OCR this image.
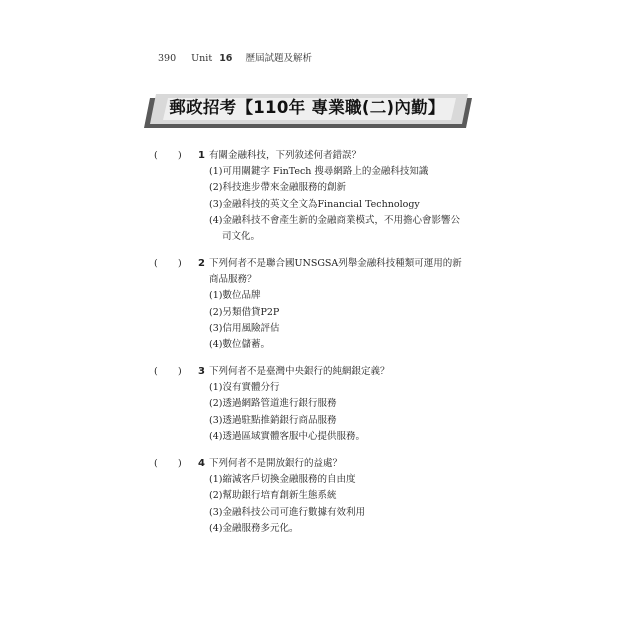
390 Unit 16 歷屆試題及解析
郵政招考【110年 專業職(二)內勤】
( ) 1 有關金融科技，下列敘述何者錯誤？
(1)可用關鍵字 FinTech 搜尋網路上的金融科技知識
(2)科技進步帶來金融服務的創新
(3)金融科技的英文全文為Financial Technology
(4)金融科技不會產生新的金融商業模式，不用擔心會影響公
司文化。
( ) 2 下列何者不是聯合國UNSGSA列舉金融科技種類可運用的新
商品服務？
(1)數位品牌
(2)另類借貸P2P
(3)信用風險評估
(4)數位儲蓄。
( ) 3 下列何者不是臺灣中央銀行的純網銀定義？
(1)沒有實體分行
(2)透過網路管道進行銀行服務
(3)透過駐點推銷銀行商品服務
(4)透過區域實體客服中心提供服務。
( ) 4 下列何者不是開放銀行的益處？
(1)縮減客戶切換金融服務的自由度
(2)幫助銀行培育創新生態系統
(3)金融科技公司可進行數據有效利用
(4)金融服務多元化。
